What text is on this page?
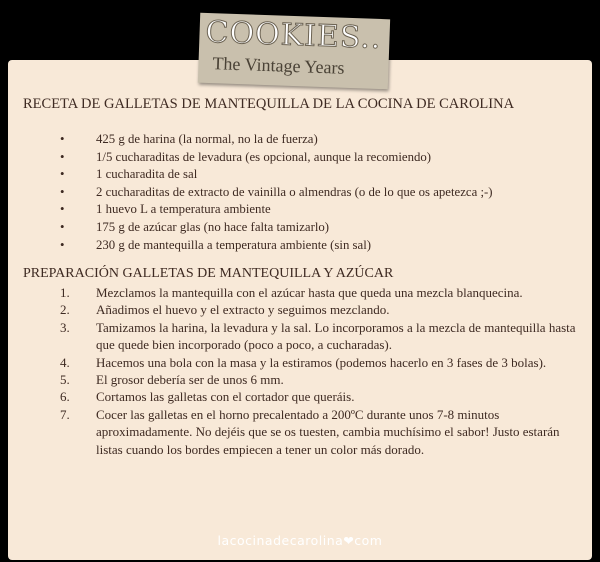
COOKIES..
The Vintage Years
RECETA DE GALLETAS DE MANTEQUILLA DE LA COCINA DE CAROLINA
• 425 g de harina (la normal, no la de fuerza)
• 1/5 cucharaditas de levadura (es opcional, aunque la recomiendo)
• 1 cucharadita de sal
• 2 cucharaditas de extracto de vainilla o almendras (o de lo que os apetezca ;-)
• 1 huevo L a temperatura ambiente
• 175 g de azúcar glas (no hace falta tamizarlo)
• 230 g de mantequilla a temperatura ambiente (sin sal)
PREPARACIÓN GALLETAS DE MANTEQUILLA Y AZÚCAR
1. Mezclamos la mantequilla con el azúcar hasta que queda una mezcla blanquecina.
2. Añadimos el huevo y el extracto y seguimos mezclando.
3. Tamizamos la harina, la levadura y la sal. Lo incorporamos a la mezcla de mantequilla hasta que quede bien incorporado (poco a poco, a cucharadas).
4. Hacemos una bola con la masa y la estiramos (podemos hacerlo en 3 fases de 3 bolas).
5. El grosor debería ser de unos 6 mm.
6. Cortamos las galletas con el cortador que queráis.
7. Cocer las galletas en el horno precalentado a 200ºC durante unos 7-8 minutos aproximadamente. No dejéis que se os tuesten, cambia muchísimo el sabor! Justo estarán listas cuando los bordes empiecen a tener un color más dorado.
lacocinadecarolina❤com
